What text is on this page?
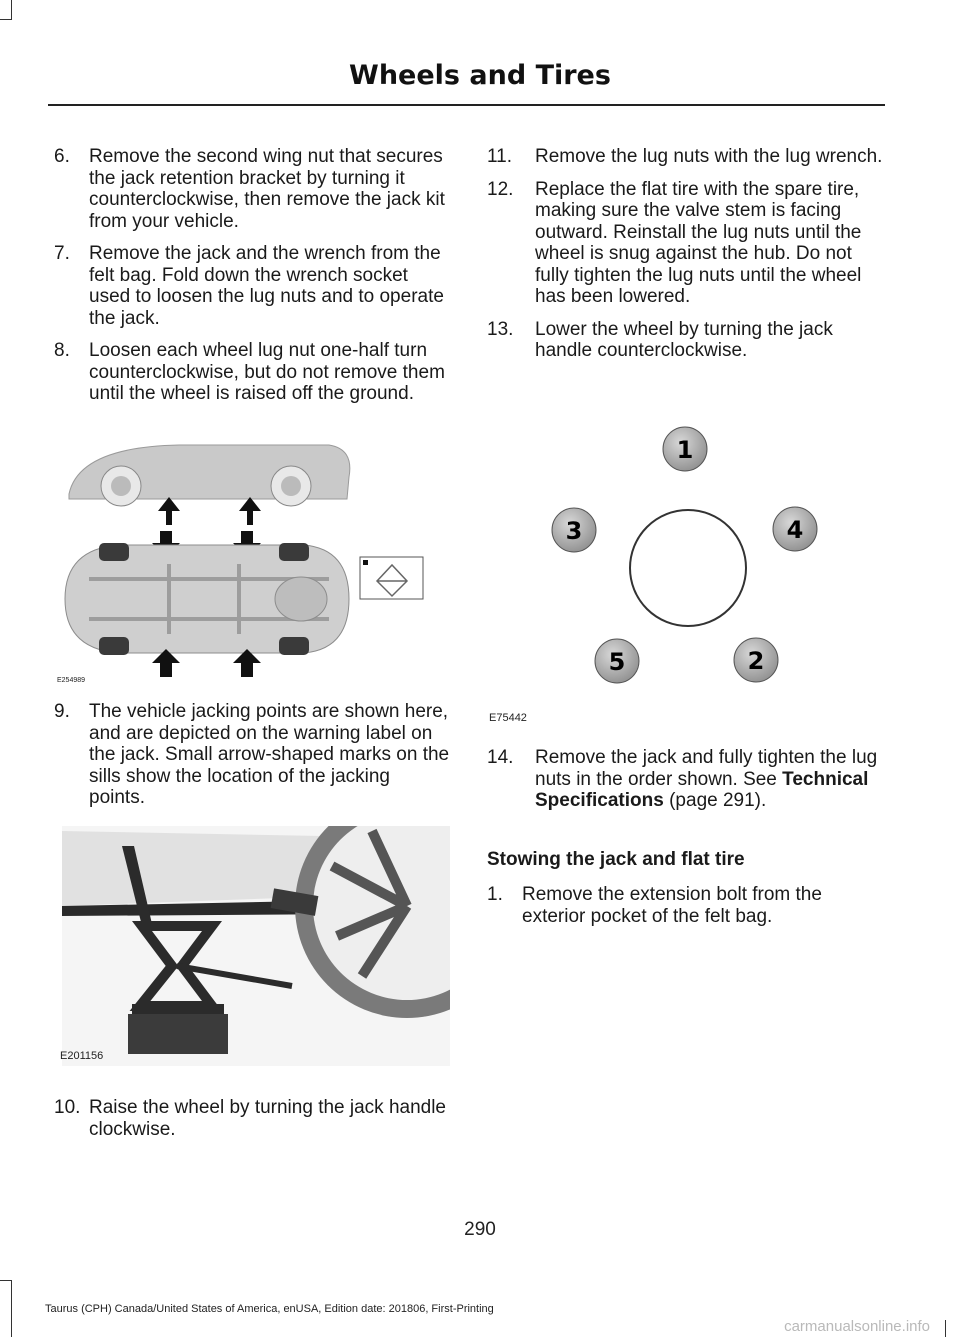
Wheels and Tires
6. Remove the second wing nut that secures the jack retention bracket by turning it counterclockwise, then remove the jack kit from your vehicle.
7. Remove the jack and the wrench from the felt bag. Fold down the wrench socket used to loosen the lug nuts and to operate the jack.
8. Loosen each wheel lug nut one-half turn counterclockwise, but do not remove them until the wheel is raised off the ground.
E254989
9. The vehicle jacking points are shown here, and are depicted on the warning label on the jack. Small arrow-shaped marks on the sills show the location of the jacking points.
E201156
10. Raise the wheel by turning the jack handle clockwise.
11. Remove the lug nuts with the lug wrench.
12. Replace the flat tire with the spare tire, making sure the valve stem is facing outward. Reinstall the lug nuts until the wheel is snug against the hub. Do not fully tighten the lug nuts until the wheel has been lowered.
13. Lower the wheel by turning the jack handle counterclockwise.
1
2
3	4
5
E75442
14. Remove the jack and fully tighten the lug nuts in the order shown. See Technical Specifications (page 291).
Stowing the jack and flat tire
1. Remove the extension bolt from the exterior pocket of the felt bag.
290
Taurus (CPH) Canada/United States of America, enUSA, Edition date: 201806, First-Printing
carmanualsonline.info
